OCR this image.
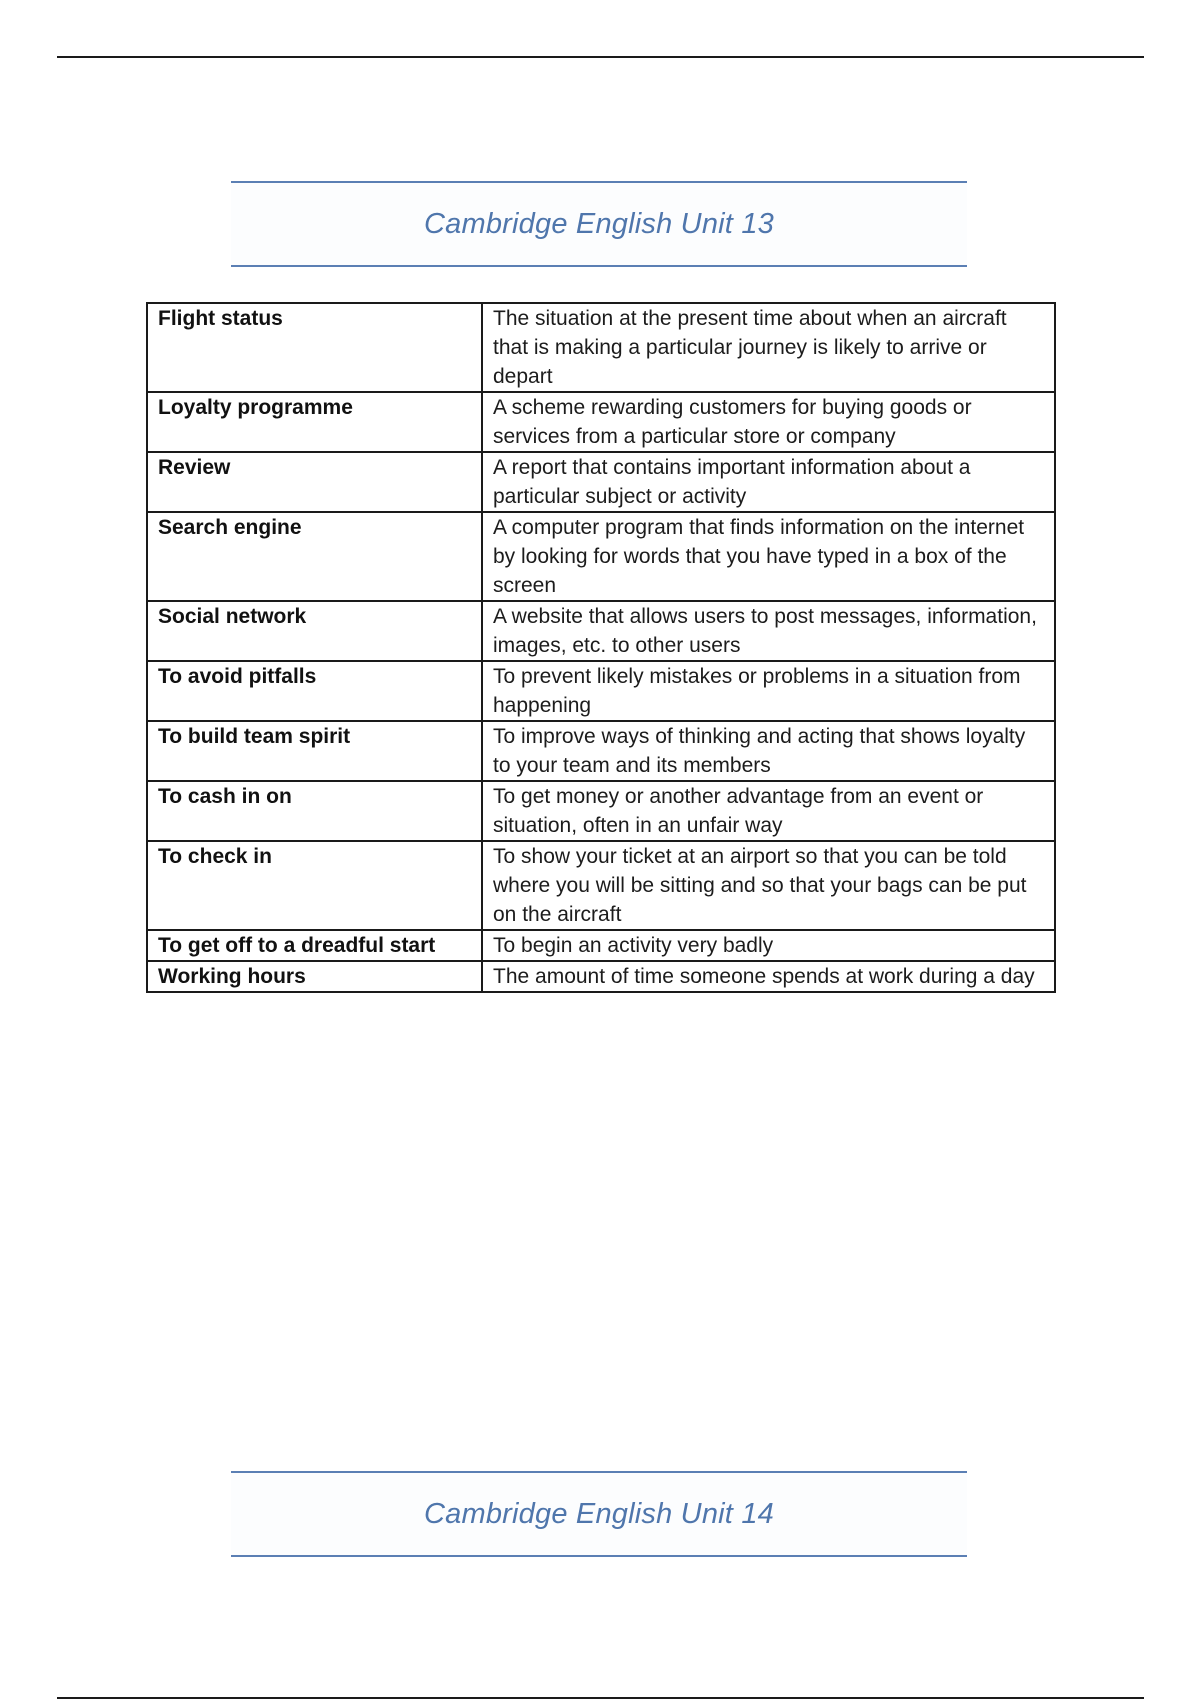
Cambridge English Unit 13
Flight status	The situation at the present time about when an aircraft that is making a particular journey is likely to arrive or depart
Loyalty programme	A scheme rewarding customers for buying goods or services from a particular store or company
Review	A report that contains important information about a particular subject or activity
Search engine	A computer program that finds information on the internet by looking for words that you have typed in a box of the screen
Social network	A website that allows users to post messages, information, images, etc. to other users
To avoid pitfalls	To prevent likely mistakes or problems in a situation from happening
To build team spirit	To improve ways of thinking and acting that shows loyalty to your team and its members
To cash in on	To get money or another advantage from an event or situation, often in an unfair way
To check in	To show your ticket at an airport so that you can be told where you will be sitting and so that your bags can be put on the aircraft
To get off to a dreadful start	To begin an activity very badly
Working hours	The amount of time someone spends at work during a day
Cambridge English Unit 14
